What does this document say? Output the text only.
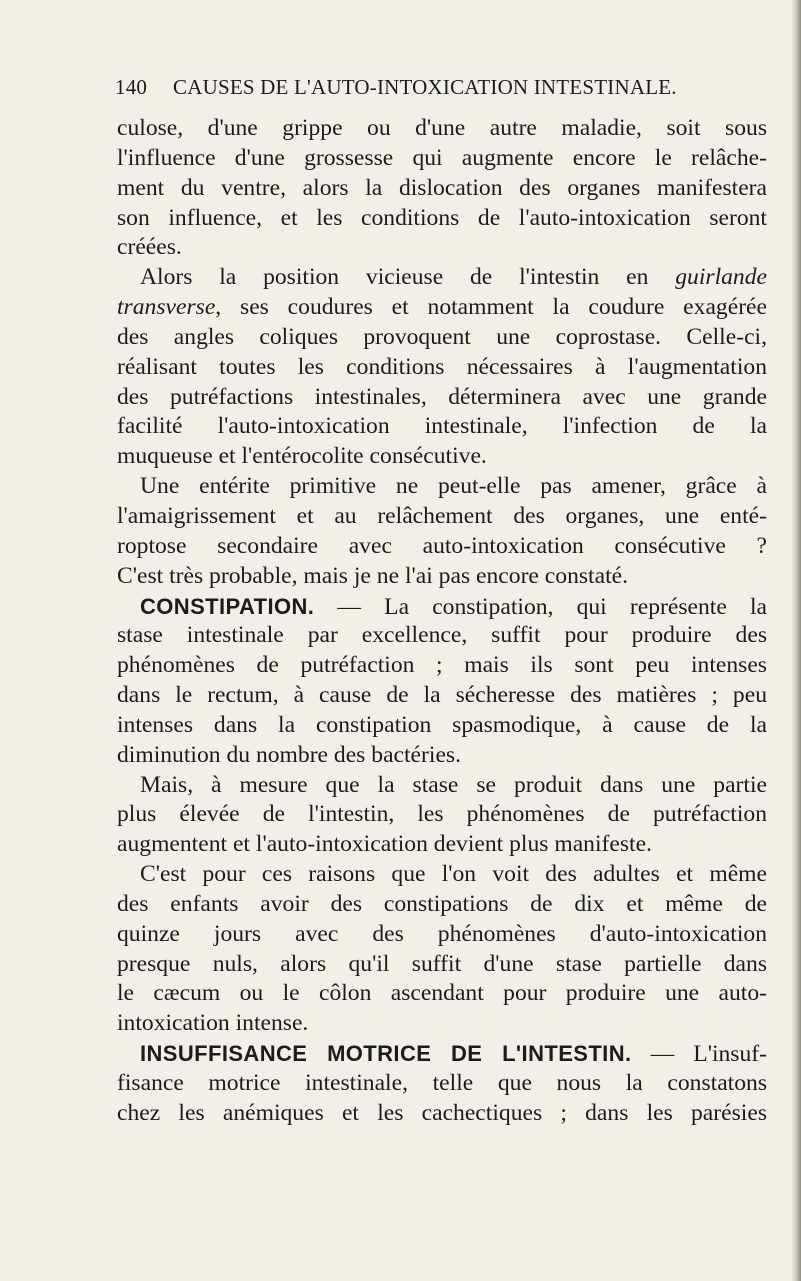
140 CAUSES DE L'AUTO-INTOXICATION INTESTINALE.
culose, d'une grippe ou d'une autre maladie, soit sous
l'influence d'une grossesse qui augmente encore le relâche-
ment du ventre, alors la dislocation des organes manifestera
son influence, et les conditions de l'auto-intoxication seront
créées.
Alors la position vicieuse de l'intestin en guirlande
transverse, ses coudures et notamment la coudure exagérée
des angles coliques provoquent une coprostase. Celle-ci,
réalisant toutes les conditions nécessaires à l'augmentation
des putréfactions intestinales, déterminera avec une grande
facilité l'auto-intoxication intestinale, l'infection de la
muqueuse et l'entérocolite consécutive.
Une entérite primitive ne peut-elle pas amener, grâce à
l'amaigrissement et au relâchement des organes, une enté-
roptose secondaire avec auto-intoxication consécutive ?
C'est très probable, mais je ne l'ai pas encore constaté.
CONSTIPATION. — La constipation, qui représente la
stase intestinale par excellence, suffit pour produire des
phénomènes de putréfaction ; mais ils sont peu intenses
dans le rectum, à cause de la sécheresse des matières ; peu
intenses dans la constipation spasmodique, à cause de la
diminution du nombre des bactéries.
Mais, à mesure que la stase se produit dans une partie
plus élevée de l'intestin, les phénomènes de putréfaction
augmentent et l'auto-intoxication devient plus manifeste.
C'est pour ces raisons que l'on voit des adultes et même
des enfants avoir des constipations de dix et même de
quinze jours avec des phénomènes d'auto-intoxication
presque nuls, alors qu'il suffit d'une stase partielle dans
le cæcum ou le côlon ascendant pour produire une auto-
intoxication intense.
INSUFFISANCE MOTRICE DE L'INTESTIN. — L'insuf-
fisance motrice intestinale, telle que nous la constatons
chez les anémiques et les cachectiques ; dans les parésies
